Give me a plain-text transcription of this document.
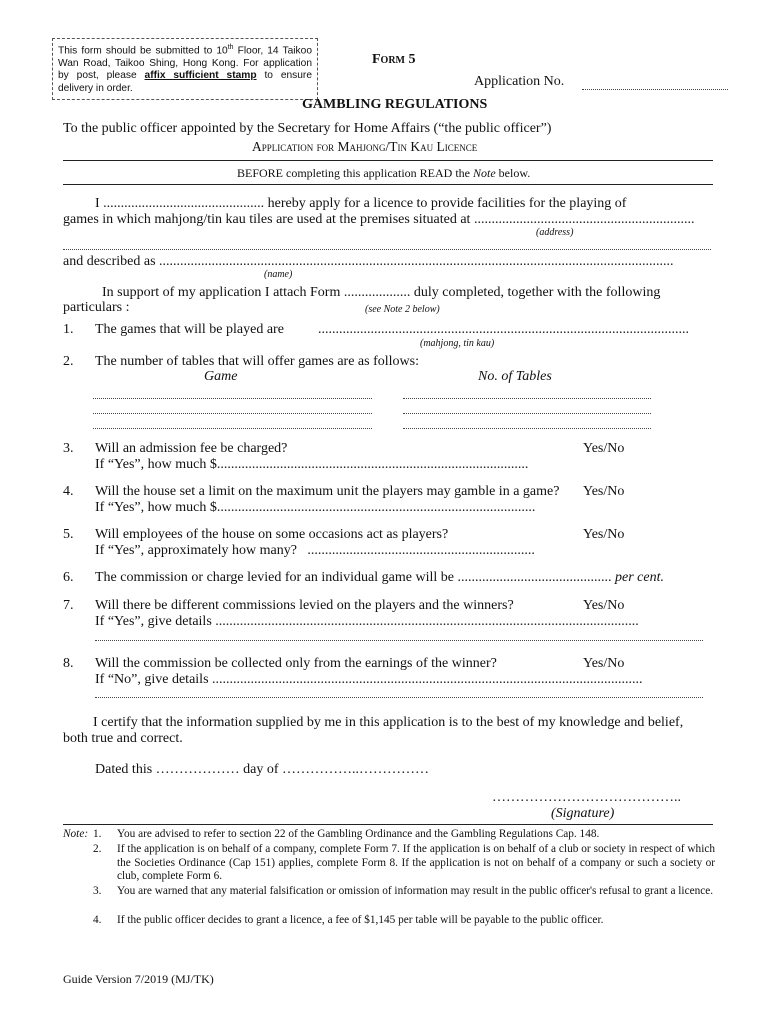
This form should be submitted to 10th Floor, 14 Taikoo Wan Road, Taikoo Shing, Hong Kong. For application by post, please affix sufficient stamp to ensure delivery in order.
Form 5
Application No.
GAMBLING REGULATIONS
To the public officer appointed by the Secretary for Home Affairs (“the public officer”)
Application for Mahjong/Tin Kau Licence
BEFORE completing this application READ the Note below.
I .............................................. hereby apply for a licence to provide facilities for the playing of
games in which mahjong/tin kau tiles are used at the premises situated at ...............................................................
(address)
and described as ...................................................................................................................................................
(name)
In support of my application I attach Form ................... duly completed, together with the following
particulars :	(see Note 2 below)
1. The games that will be played are ..........................................................................................................
(mahjong, tin kau)
2. The number of tables that will offer games are as follows:
Game	No. of Tables
3. Will an admission fee be charged?	Yes/No
If “Yes”, how much $.........................................................................................
4. Will the house set a limit on the maximum unit the players may gamble in a game? Yes/No
If “Yes”, how much $...........................................................................................
5. Will employees of the house on some occasions act as players?	Yes/No
If “Yes”, approximately how many?   .................................................................
6. The commission or charge levied for an individual game will be ............................................ per cent.
7. Will there be different commissions levied on the players and the winners?	Yes/No
If “Yes”, give details .........................................................................................................................
8. Will the commission be collected only from the earnings of the winner?	Yes/No
If “No”, give details ...........................................................................................................................
I certify that the information supplied by me in this application is to the best of my knowledge and belief,
both true and correct.
Dated this ……………… day of ……………..……………
…………………………………..
(Signature)
Note: 1. You are advised to refer to section 22 of the Gambling Ordinance and the Gambling Regulations Cap. 148.
2. If the application is on behalf of a company, complete Form 7. If the application is on behalf of a club or society in respect of which the Societies Ordinance (Cap 151) applies, complete Form 8. If the application is not on behalf of a company or such a society or club, complete Form 6.
3. You are warned that any material falsification or omission of information may result in the public officer's refusal to grant a licence.
4. If the public officer decides to grant a licence, a fee of $1,145 per table will be payable to the public officer.
Guide Version 7/2019 (MJ/TK)
